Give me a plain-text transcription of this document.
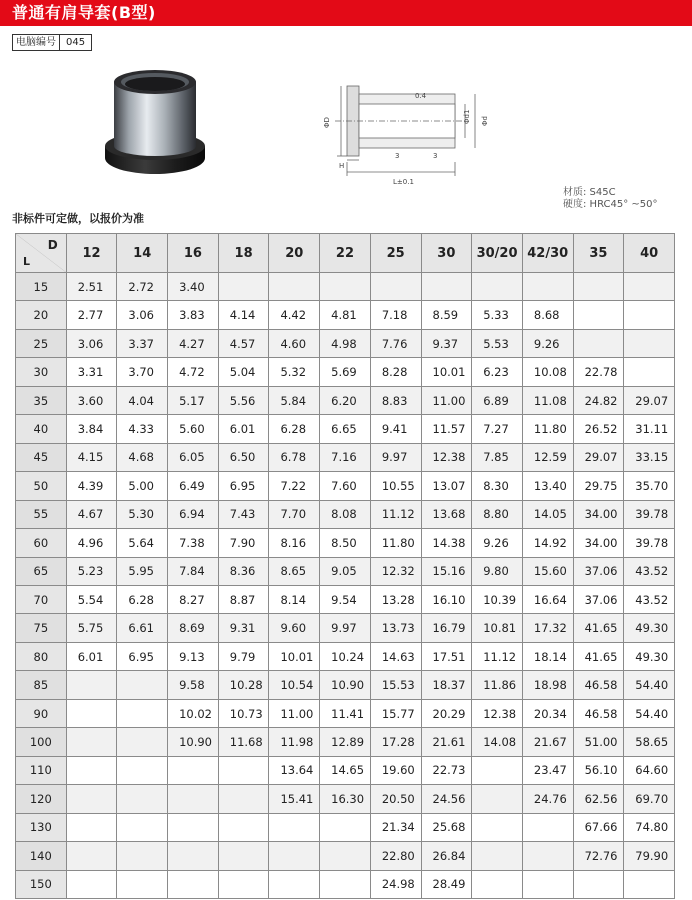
普通有肩导套(B型)
电脑编号	045
ΦD	Φd1 Φd
0.4
H
3	3
L±0.1
材质: S45C
硬度: HRC45° ~50°
非标件可定做，以报价为准
D
L	12	14	16	18	20	22	25	30	30/20	42/30	35	40
15	2.51	2.72	3.40									
20	2.77	3.06	3.83	4.14	4.42	4.81	7.18	8.59	5.33	8.68		
25	3.06	3.37	4.27	4.57	4.60	4.98	7.76	9.37	5.53	9.26		
30	3.31	3.70	4.72	5.04	5.32	5.69	8.28	10.01	6.23	10.08	22.78	
35	3.60	4.04	5.17	5.56	5.84	6.20	8.83	11.00	6.89	11.08	24.82	29.07
40	3.84	4.33	5.60	6.01	6.28	6.65	9.41	11.57	7.27	11.80	26.52	31.11
45	4.15	4.68	6.05	6.50	6.78	7.16	9.97	12.38	7.85	12.59	29.07	33.15
50	4.39	5.00	6.49	6.95	7.22	7.60	10.55	13.07	8.30	13.40	29.75	35.70
55	4.67	5.30	6.94	7.43	7.70	8.08	11.12	13.68	8.80	14.05	34.00	39.78
60	4.96	5.64	7.38	7.90	8.16	8.50	11.80	14.38	9.26	14.92	34.00	39.78
65	5.23	5.95	7.84	8.36	8.65	9.05	12.32	15.16	9.80	15.60	37.06	43.52
70	5.54	6.28	8.27	8.87	8.14	9.54	13.28	16.10	10.39	16.64	37.06	43.52
75	5.75	6.61	8.69	9.31	9.60	9.97	13.73	16.79	10.81	17.32	41.65	49.30
80	6.01	6.95	9.13	9.79	10.01	10.24	14.63	17.51	11.12	18.14	41.65	49.30
85			9.58	10.28	10.54	10.90	15.53	18.37	11.86	18.98	46.58	54.40
90			10.02	10.73	11.00	11.41	15.77	20.29	12.38	20.34	46.58	54.40
100			10.90	11.68	11.98	12.89	17.28	21.61	14.08	21.67	51.00	58.65
110					13.64	14.65	19.60	22.73		23.47	56.10	64.60
120					15.41	16.30	20.50	24.56		24.76	62.56	69.70
130							21.34	25.68			67.66	74.80
140							22.80	26.84			72.76	79.90
150							24.98	28.49				
